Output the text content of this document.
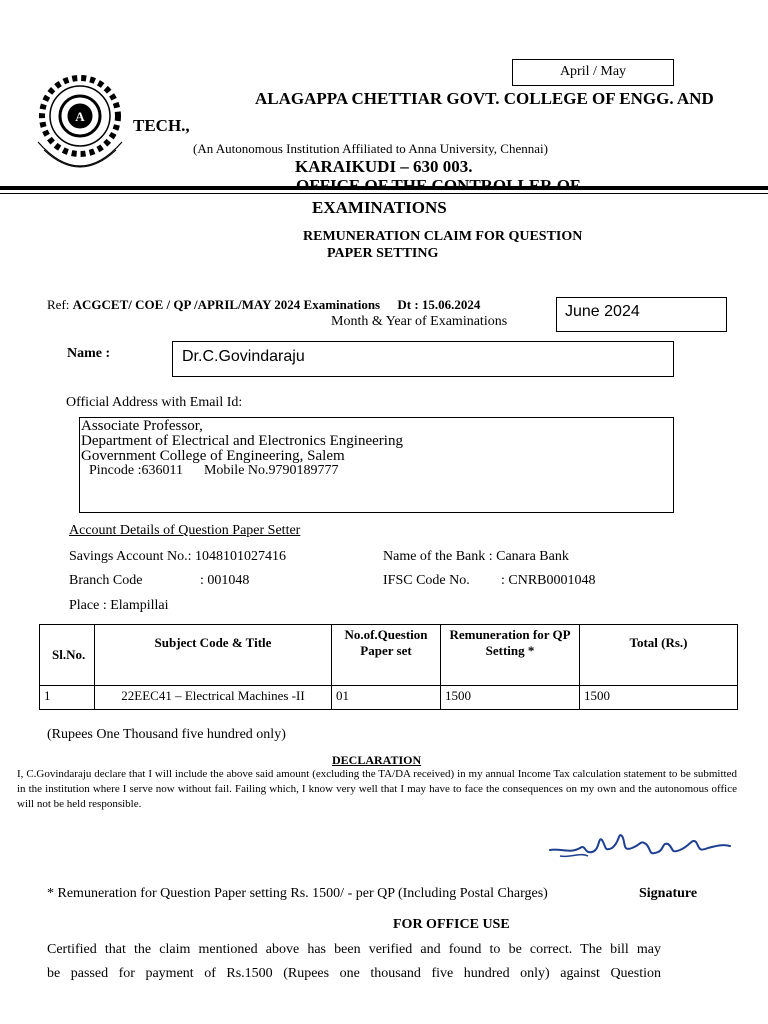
A
April / May
ALAGAPPA CHETTIAR GOVT. COLLEGE OF ENGG. AND
TECH.,
(An Autonomous Institution Affiliated to Anna University, Chennai)
KARAIKUDI – 630 003.
EXAMINATIONS
REMUNERATION CLAIM FOR QUESTION
PAPER SETTING
Ref: ACGCET/ COE / QP /APRIL/MAY 2024 Examinations Dt : 15.06.2024
Month & Year of Examinations
June 2024
Name :	Dr.C.Govindaraju
Official Address with Email Id:
Associate Professor,
Department of Electrical and Electronics Engineering
Government College of Engineering, Salem
Pincode :636011      Mobile No.9790189777
Account Details of Question Paper Setter
Savings Account No.: 1048101027416	Name of the Bank : Canara Bank
Branch Code	: 001048	IFSC Code No. : CNRB0001048
Place : Elampillai
Sl.No.	Subject Code & Title	No.of.Question Paper set	Remuneration for QP Setting *	Total (Rs.)
1	22EEC41 – Electrical Machines -II	01	1500	1500
(Rupees One Thousand five hundred only)
DECLARATION
I, C.Govindaraju declare that I will include the above said amount (excluding the TA/DA received) in my annual Income Tax calculation statement to be submitted in the institution where I serve now without fail. Failing which, I know very well that I may have to face the consequences on my own and the autonomous office will not be held responsible.
* Remuneration for Question Paper setting Rs. 1500/ - per QP (Including Postal Charges)	Signature
FOR OFFICE USE
Certified that the claim mentioned above has been verified and found to be correct. The bill may
be passed for payment of Rs.1500 (Rupees one thousand five hundred only) against Question
